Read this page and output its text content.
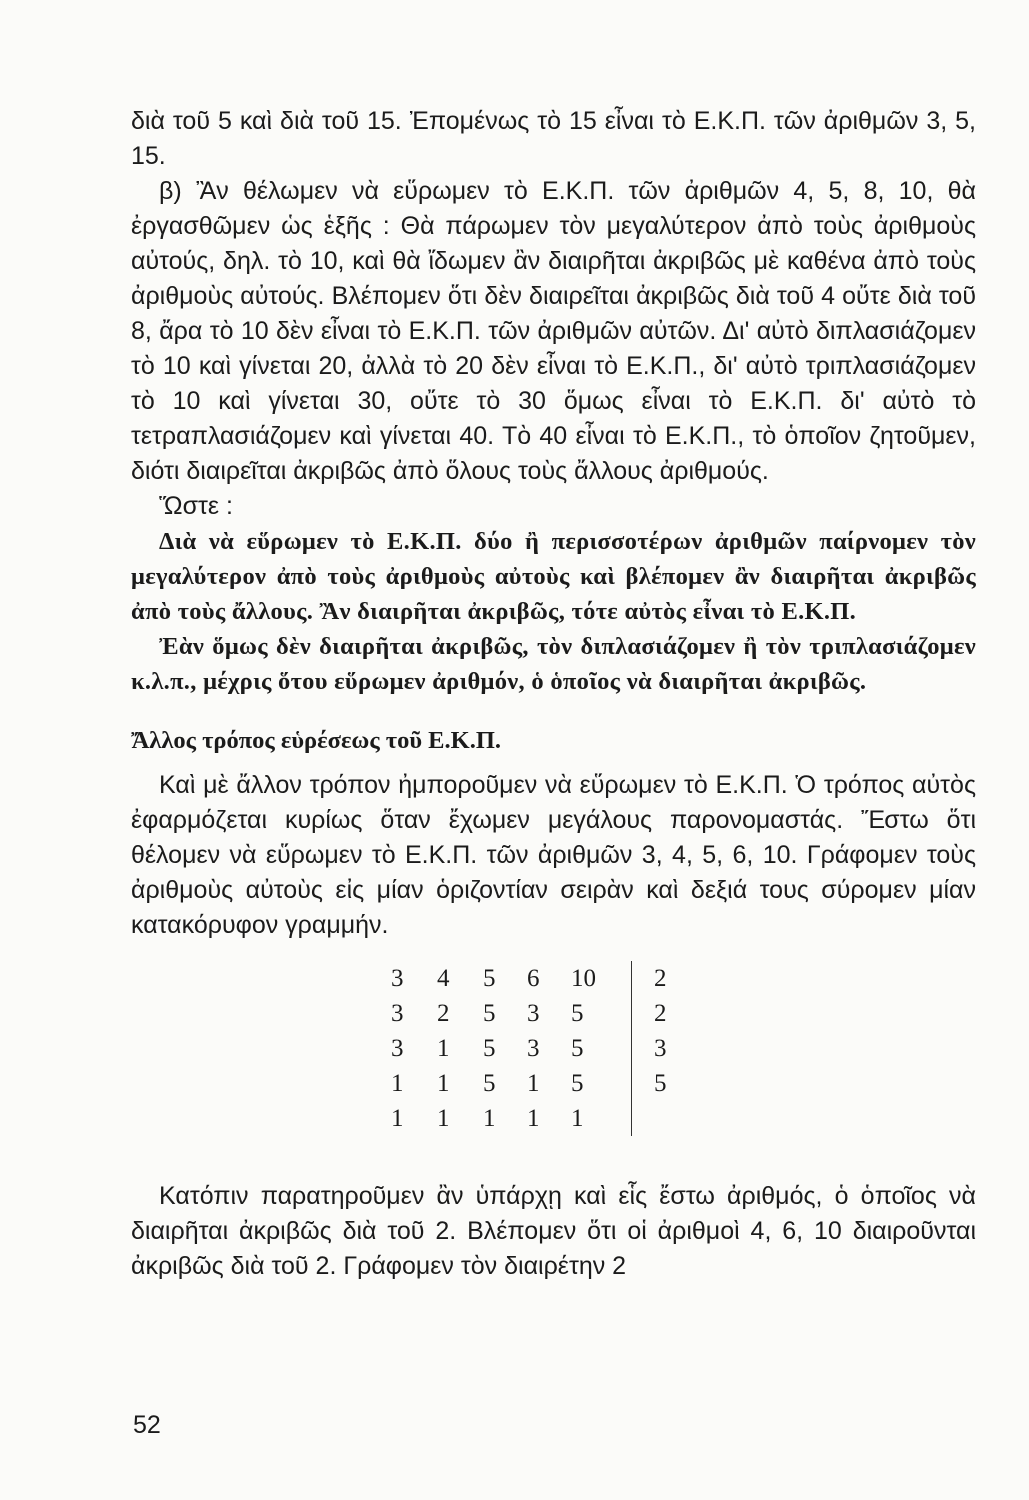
διὰ τοῦ 5 καὶ διὰ τοῦ 15. Ἐπομένως τὸ 15 εἶναι τὸ Ε.Κ.Π. τῶν ἀριθμῶν 3, 5, 15.

β) Ἂν θέλωμεν νὰ εὕρωμεν τὸ Ε.Κ.Π. τῶν ἀριθμῶν 4, 5, 8, 10, θὰ ἐργασθῶμεν ὡς ἑξῆς : Θὰ πάρωμεν τὸν μεγαλύτερον ἀπὸ τοὺς ἀριθμοὺς αὐτούς, δηλ. τὸ 10, καὶ θὰ ἴδωμεν ἂν διαιρῆται ἀκριβῶς μὲ καθένα ἀπὸ τοὺς ἀριθμοὺς αὐτούς. Βλέπομεν ὅτι δὲν διαιρεῖται ἀκριβῶς διὰ τοῦ 4 οὔτε διὰ τοῦ 8, ἄρα τὸ 10 δὲν εἶναι τὸ Ε.Κ.Π. τῶν ἀριθμῶν αὐτῶν. Δι' αὐτὸ διπλασιάζομεν τὸ 10 καὶ γίνεται 20, ἀλλὰ τὸ 20 δὲν εἶναι τὸ Ε.Κ.Π., δι' αὐτὸ τριπλασιάζομεν τὸ 10 καὶ γίνεται 30, οὔτε τὸ 30 ὅμως εἶναι τὸ Ε.Κ.Π. δι' αὐτὸ τὸ τετραπλασιάζομεν καὶ γίνεται 40. Τὸ 40 εἶναι τὸ Ε.Κ.Π., τὸ ὁποῖον ζητοῦμεν, διότι διαιρεῖται ἀκριβῶς ἀπὸ ὅλους τοὺς ἄλλους ἀριθμούς.

Ὥστε :

Διὰ νὰ εὕρωμεν τὸ Ε.Κ.Π. δύο ἢ περισσοτέρων ἀριθμῶν παίρνομεν τὸν μεγαλύτερον ἀπὸ τοὺς ἀριθμοὺς αὐτοὺς καὶ βλέπομεν ἂν διαιρῆται ἀκριβῶς ἀπὸ τοὺς ἄλλους. Ἂν διαιρῆται ἀκριβῶς, τότε αὐτὸς εἶναι τὸ Ε.Κ.Π.

Ἐὰν ὅμως δὲν διαιρῆται ἀκριβῶς, τὸν διπλασιάζομεν ἢ τὸν τριπλασιάζομεν κ.λ.π., μέχρις ὅτου εὕρωμεν ἀριθμόν, ὁ ὁποῖος νὰ διαιρῆται ἀκριβῶς.

Ἄλλος τρόπος εὑρέσεως τοῦ Ε.Κ.Π.

Καὶ μὲ ἄλλον τρόπον ἠμποροῦμεν νὰ εὕρωμεν τὸ Ε.Κ.Π. Ὁ τρόπος αὐτὸς ἐφαρμόζεται κυρίως ὅταν ἔχωμεν μεγάλους παρονομαστάς. Ἔστω ὅτι θέλομεν νὰ εὕρωμεν τὸ Ε.Κ.Π. τῶν ἀριθμῶν 3, 4, 5, 6, 10. Γράφομεν τοὺς ἀριθμοὺς αὐτοὺς εἰς μίαν ὁριζοντίαν σειρὰν καὶ δεξιά τους σύρομεν μίαν κατακόρυφον γραμμήν.

3	4	5	6	10	2
3	2	5	3	5	2
3	1	5	3	5	3
1	1	5	1	5	5
1	1	1	1	1	

Κατόπιν παρατηροῦμεν ἂν ὑπάρχῃ καὶ εἷς ἔστω ἀριθμός, ὁ ὁποῖος νὰ διαιρῆται ἀκριβῶς διὰ τοῦ 2. Βλέπομεν ὅτι οἱ ἀριθμοὶ 4, 6, 10 διαιροῦνται ἀκριβῶς διὰ τοῦ 2. Γράφομεν τὸν διαιρέτην 2

52
